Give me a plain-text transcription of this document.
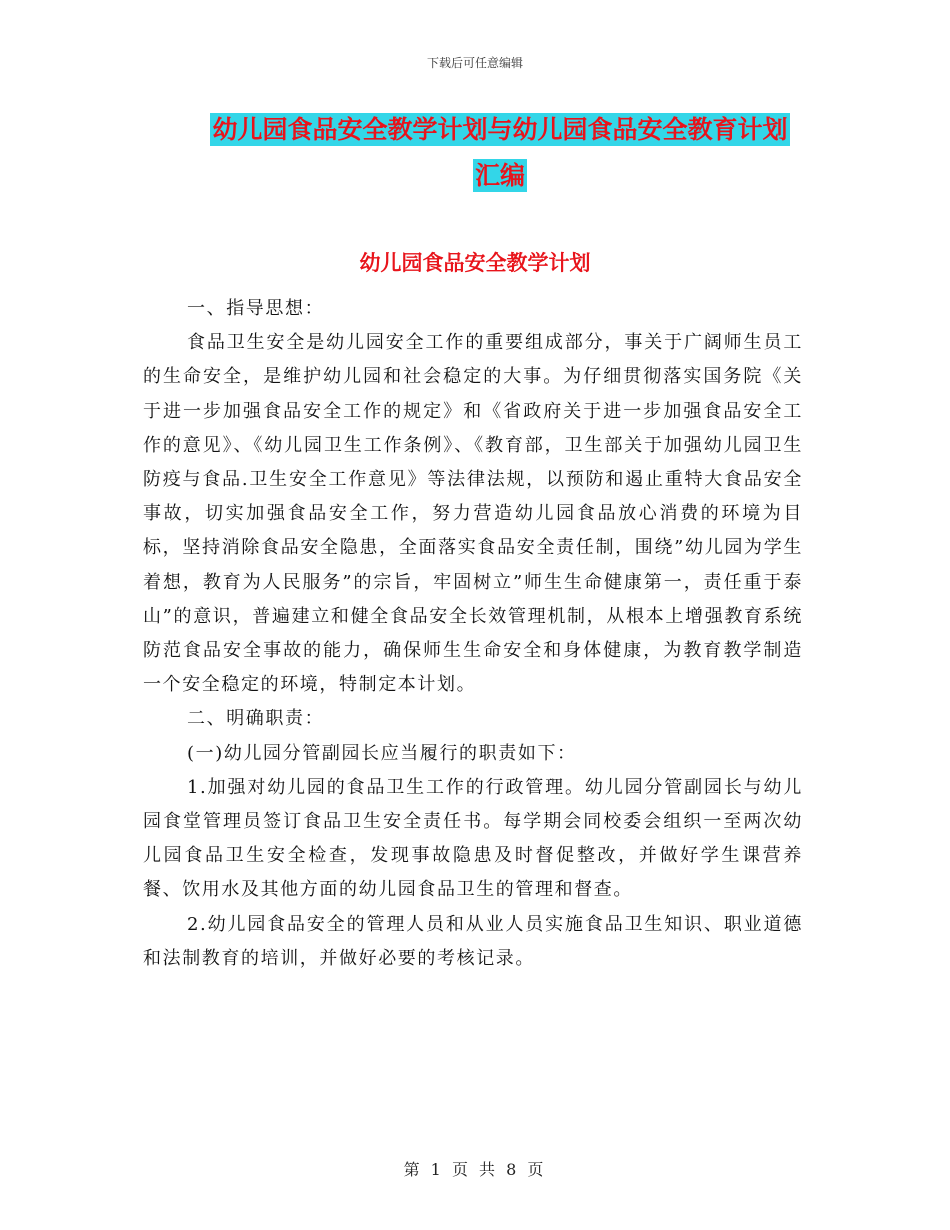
下载后可任意编辑
幼儿园食品安全教学计划与幼儿园食品安全教育计划
汇编
幼儿园食品安全教学计划

一、指导思想：

食品卫生安全是幼儿园安全工作的重要组成部分，事关于广阔师生员工的生命安全，是维护幼儿园和社会稳定的大事。为仔细贯彻落实国务院《关于进一步加强食品安全工作的规定》和《省政府关于进一步加强食品安全工作的意见》、《幼儿园卫生工作条例》、《教育部，卫生部关于加强幼儿园卫生防疫与食品.卫生安全工作意见》等法律法规，以预防和遏止重特大食品安全事故，切实加强食品安全工作，努力营造幼儿园食品放心消费的环境为目标，坚持消除食品安全隐患，全面落实食品安全责任制，围绕”幼儿园为学生着想，教育为人民服务”的宗旨，牢固树立”师生生命健康第一，责任重于泰山”的意识，普遍建立和健全食品安全长效管理机制，从根本上增强教育系统防范食品安全事故的能力，确保师生生命安全和身体健康，为教育教学制造一个安全稳定的环境，特制定本计划。

二、明确职责：

(一)幼儿园分管副园长应当履行的职责如下：

1.加强对幼儿园的食品卫生工作的行政管理。幼儿园分管副园长与幼儿园食堂管理员签订食品卫生安全责任书。每学期会同校委会组织一至两次幼儿园食品卫生安全检查，发现事故隐患及时督促整改，并做好学生课营养餐、饮用水及其他方面的幼儿园食品卫生的管理和督查。

2.幼儿园食品安全的管理人员和从业人员实施食品卫生知识、职业道德和法制教育的培训，并做好必要的考核记录。

第 1 页 共 8 页
